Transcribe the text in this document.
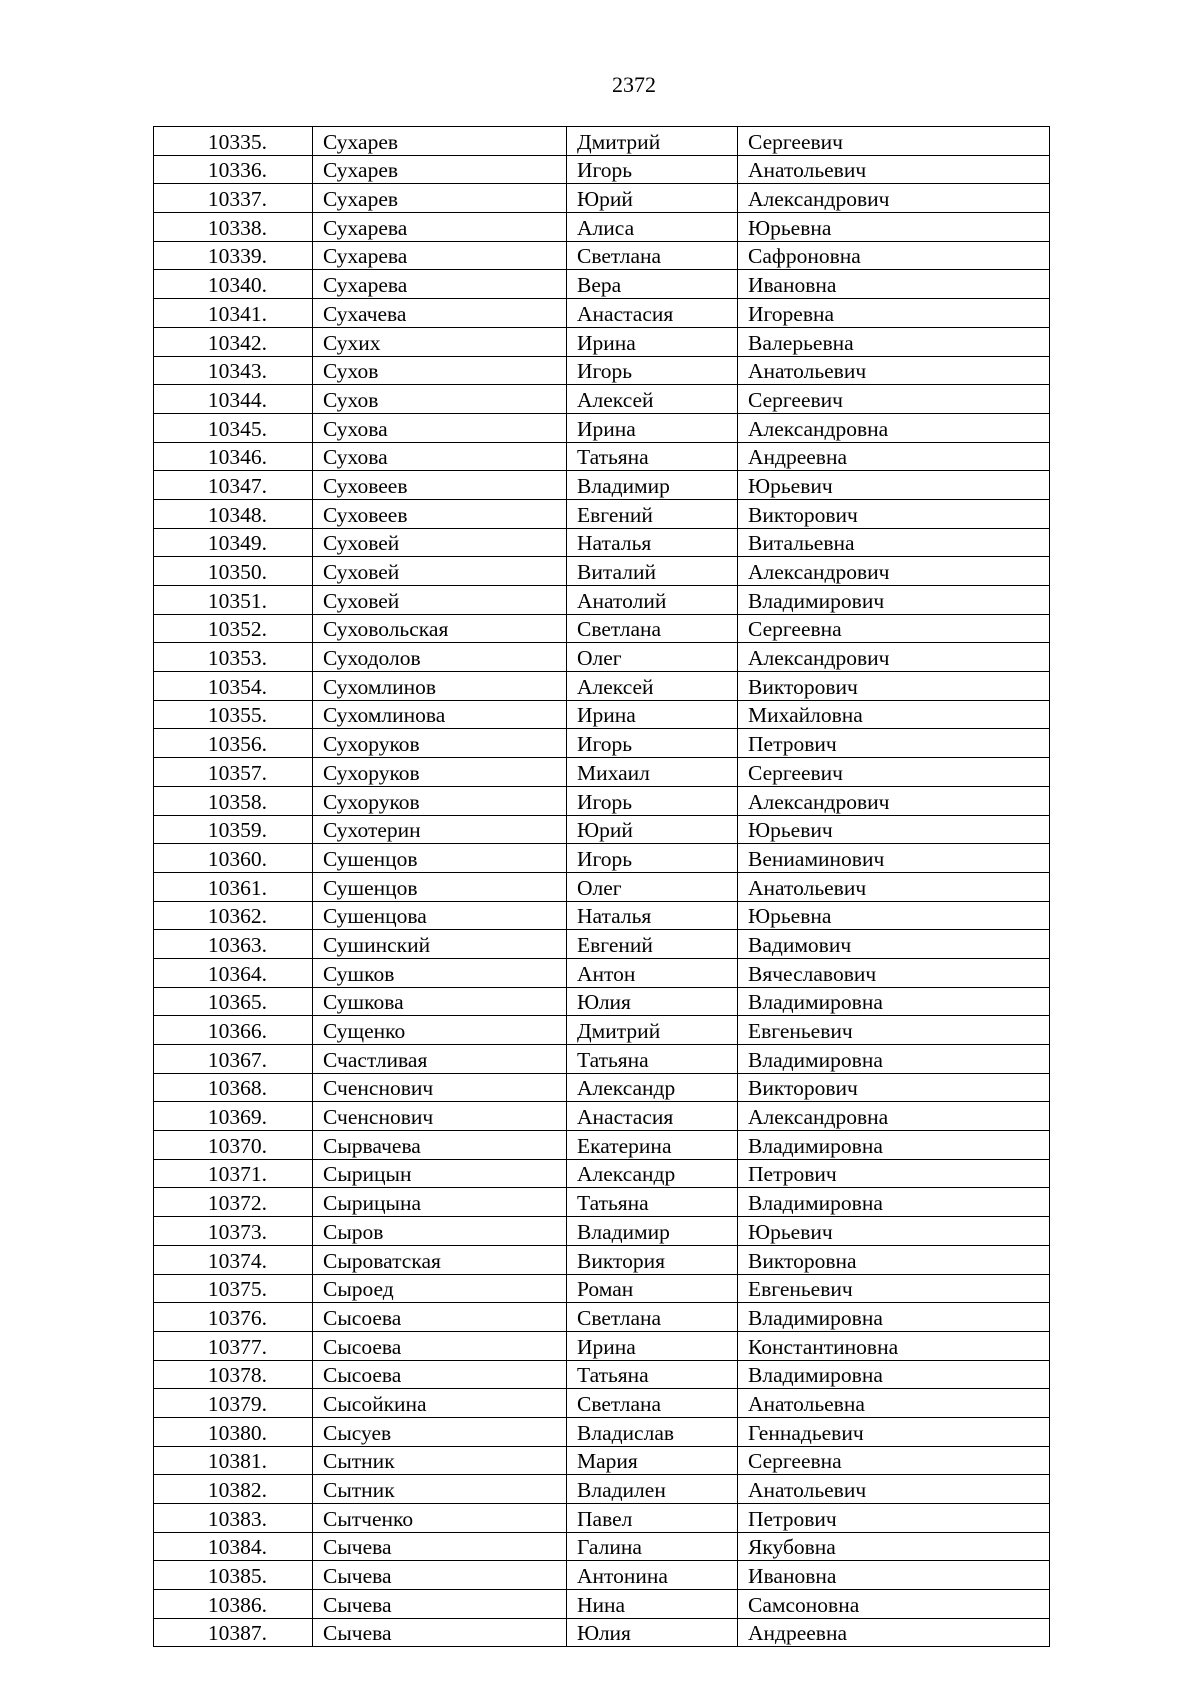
2372
10335.	Сухарев	Дмитрий	Сергеевич
10336.	Сухарев	Игорь	Анатольевич
10337.	Сухарев	Юрий	Александрович
10338.	Сухарева	Алиса	Юрьевна
10339.	Сухарева	Светлана	Сафроновна
10340.	Сухарева	Вера	Ивановна
10341.	Сухачева	Анастасия	Игоревна
10342.	Сухих	Ирина	Валерьевна
10343.	Сухов	Игорь	Анатольевич
10344.	Сухов	Алексей	Сергеевич
10345.	Сухова	Ирина	Александровна
10346.	Сухова	Татьяна	Андреевна
10347.	Суховеев	Владимир	Юрьевич
10348.	Суховеев	Евгений	Викторович
10349.	Суховей	Наталья	Витальевна
10350.	Суховей	Виталий	Александрович
10351.	Суховей	Анатолий	Владимирович
10352.	Суховольская	Светлана	Сергеевна
10353.	Суходолов	Олег	Александрович
10354.	Сухомлинов	Алексей	Викторович
10355.	Сухомлинова	Ирина	Михайловна
10356.	Сухоруков	Игорь	Петрович
10357.	Сухоруков	Михаил	Сергеевич
10358.	Сухоруков	Игорь	Александрович
10359.	Сухотерин	Юрий	Юрьевич
10360.	Сушенцов	Игорь	Вениаминович
10361.	Сушенцов	Олег	Анатольевич
10362.	Сушенцова	Наталья	Юрьевна
10363.	Сушинский	Евгений	Вадимович
10364.	Сушков	Антон	Вячеславович
10365.	Сушкова	Юлия	Владимировна
10366.	Сущенко	Дмитрий	Евгеньевич
10367.	Счастливая	Татьяна	Владимировна
10368.	Сченснович	Александр	Викторович
10369.	Сченснович	Анастасия	Александровна
10370.	Сырвачева	Екатерина	Владимировна
10371.	Сырицын	Александр	Петрович
10372.	Сырицына	Татьяна	Владимировна
10373.	Сыров	Владимир	Юрьевич
10374.	Сыроватская	Виктория	Викторовна
10375.	Сыроед	Роман	Евгеньевич
10376.	Сысоева	Светлана	Владимировна
10377.	Сысоева	Ирина	Константиновна
10378.	Сысоева	Татьяна	Владимировна
10379.	Сысойкина	Светлана	Анатольевна
10380.	Сысуев	Владислав	Геннадьевич
10381.	Сытник	Мария	Сергеевна
10382.	Сытник	Владилен	Анатольевич
10383.	Сытченко	Павел	Петрович
10384.	Сычева	Галина	Якубовна
10385.	Сычева	Антонина	Ивановна
10386.	Сычева	Нина	Самсоновна
10387.	Сычева	Юлия	Андреевна
